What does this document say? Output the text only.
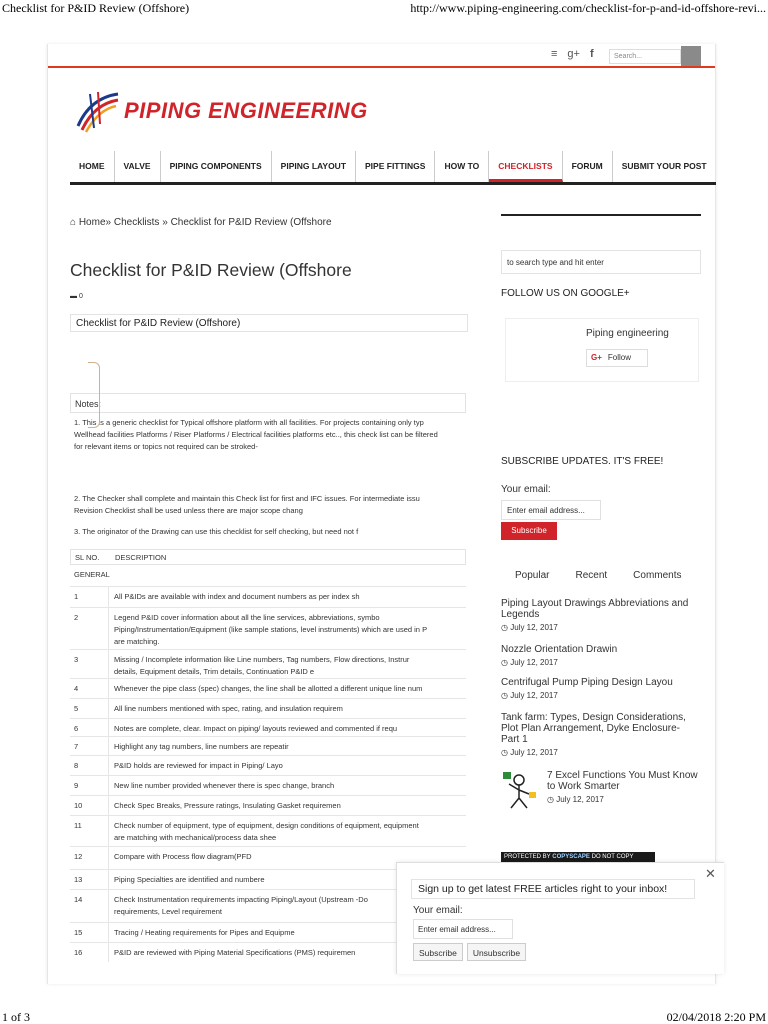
Checklist for P&ID Review (Offshore)	http://www.piping-engineering.com/checklist-for-p-and-id-offshore-revi...
≡ g+ f	Search...
PIPING ENGINEERING
HOME	VALVE	PIPING COMPONENTS	PIPING LAYOUT	PIPE FITTINGS	HOW TO	CHECKLISTS	FORUM	SUBMIT YOUR POST
⌂ Home» Checklists » Checklist for P&ID Review (Offshore
Checklist for P&ID Review (Offshore
▬ 0
Checklist for P&ID Review (Offshore)
Notes:
1. This is a generic checklist for Typical offshore platform with all facilities. For projects containing only typ
Wellhead facilities Platforms / Riser Platforms / Electrical facilities platforms etc.., this check list can be filtered
for relevant items or topics not required can be stroked-
2. The Checker shall complete and maintain this Check list for first and IFC issues. For intermediate issu
Revision Checklist shall be used unless there are major scope chang
3. The originator of the Drawing can use this checklist for self checking, but need not f
SL NO. DESCRIPTION
GENERAL
1	All P&IDs are available with index and document numbers as per index sh
2	Legend P&ID cover information about all the line services, abbreviations, symbo
Piping/Instrumentation/Equipment (like sample stations, level instruments) which are used in P
are matching.
3	Missing / Incomplete information like Line numbers, Tag numbers, Flow directions, Instrur
details, Equipment details, Trim details, Continuation P&ID e
4	Whenever the pipe class (spec) changes, the line shall be allotted a different unique line num
5	All line numbers mentioned with spec, rating, and insulation requirem
6	Notes are complete, clear. Impact on piping/ layouts reviewed and commented if requ
7	Highlight any tag numbers, line numbers are repeatir
8	P&ID holds are reviewed for impact in Piping/ Layo
9	New line number provided whenever there is spec change, branch
10	Check Spec Breaks, Pressure ratings, Insulating Gasket requiremen
11	Check number of equipment, type of equipment, design conditions of equipment, equipment
are matching with mechanical/process data shee
12	Compare with Process flow diagram(PFD
13	Piping Specialties are identified and numbere
14	Check Instrumentation requirements impacting Piping/Layout (Upstream -Do
requirements, Level requirement
15	Tracing / Heating requirements for Pipes and Equipme
16	P&ID are reviewed with Piping Material Specifications (PMS) requiremen
to search type and hit enter
FOLLOW US ON GOOGLE+
Piping engineering
G+ Follow
SUBSCRIBE UPDATES. IT'S FREE!
Your email:
Enter email address...
Subscribe
Popular	Recent	Comments
Piping Layout Drawings Abbreviations and Legends
◷ July 12, 2017
Nozzle Orientation Drawin
◷ July 12, 2017
Centrifugal Pump Piping Design Layou
◷ July 12, 2017
Tank farm: Types, Design Considerations, Plot Plan Arrangement, Dyke Enclosure- Part 1
◷ July 12, 2017
7 Excel Functions You Must Know to Work Smarter
◷ July 12, 2017
PROTECTED BY COPYSCAPE DO NOT COPY
✕
Sign up to get latest FREE articles right to your inbox!
Your email:
Enter email address...
Subscribe	Unsubscribe
1 of 3	02/04/2018 2:20 PM
